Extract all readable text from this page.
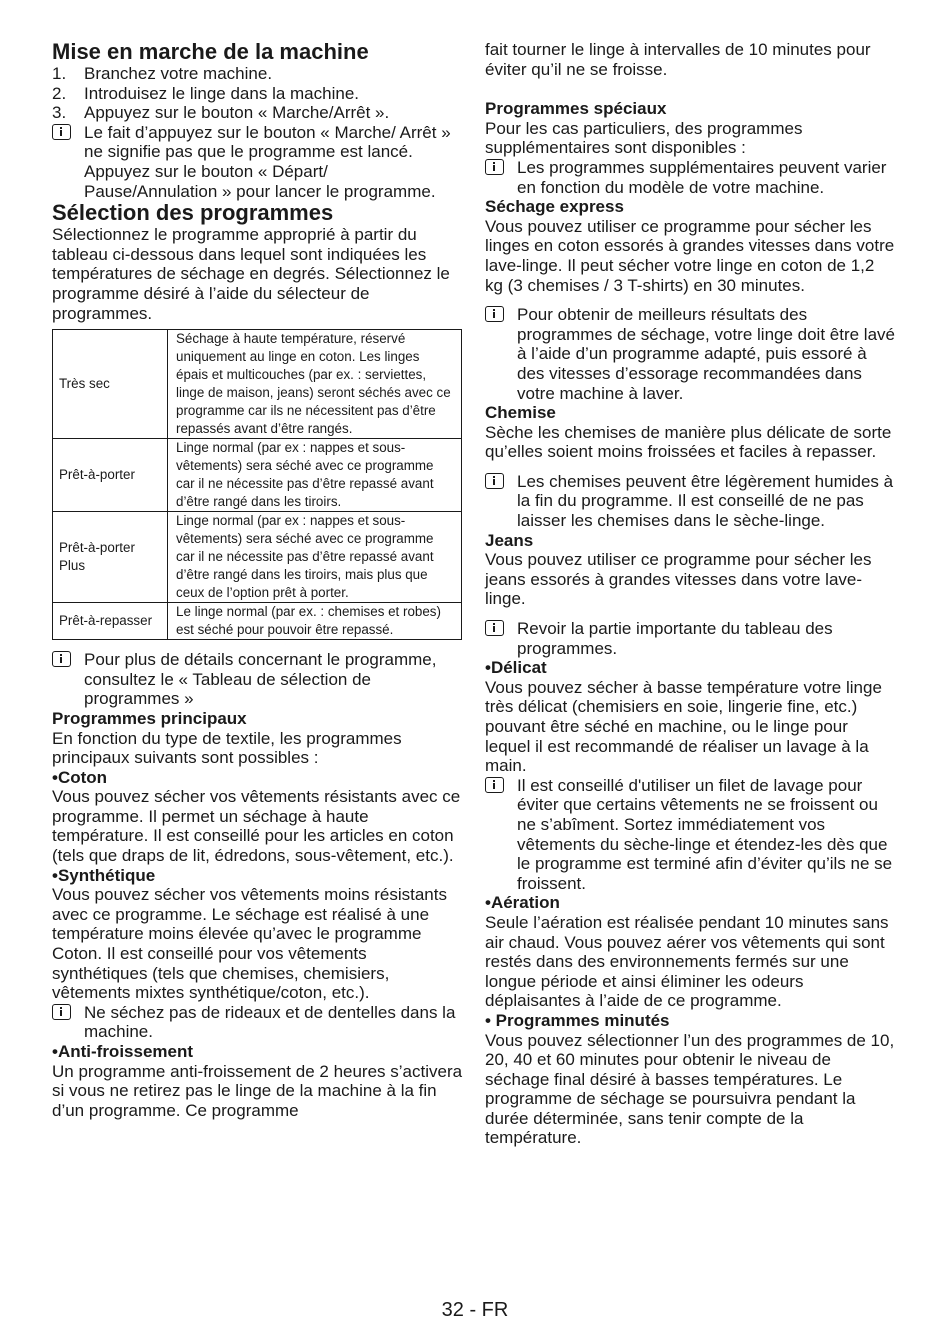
Mise en marche de la machine
1.	Branchez votre machine.
2.	Introduisez le linge dans la machine.
3.	Appuyez sur le bouton « Marche/Arrêt ».
Le fait d’appuyez sur le bouton « Marche/ Arrêt » ne signifie pas que le programme est lancé. Appuyez sur le bouton « Départ/ Pause/Annulation » pour lancer le programme.
Sélection des programmes

Sélectionnez le programme approprié à partir du tableau ci-dessous dans lequel sont indiquées les températures de séchage en degrés. Sélectionnez le programme désiré à l’aide du sélecteur de programmes.

Très sec	Séchage à haute température, réservé uniquement au linge en coton. Les linges épais et multicouches (par ex. : serviettes, linge de maison, jeans) seront séchés avec ce programme car ils ne nécessitent pas d’être repassés avant d’être rangés.
Prêt-à-porter	Linge normal (par ex : nappes et sous-vêtements) sera séché avec ce programme car il ne nécessite pas d’être repassé avant d’être rangé dans les tiroirs.
Prêt-à-porter Plus	Linge normal (par ex : nappes et sous-vêtements) sera séché avec ce programme car il ne nécessite pas d’être repassé avant d’être rangé dans les tiroirs, mais plus que ceux de l’option prêt à porter.
Prêt-à-repasser	Le linge normal (par ex. : chemises et robes) est séché pour pouvoir être repassé.
Pour plus de détails concernant le programme, consultez le « Tableau de sélection de programmes »
Programmes principaux

En fonction du type de textile, les programmes principaux suivants sont possibles :

•Coton

Vous pouvez sécher vos vêtements résistants avec ce programme. Il permet un séchage à haute température. Il est conseillé pour les articles en coton (tels que draps de lit, édredons, sous-vêtement, etc.).

•Synthétique

Vous pouvez sécher vos vêtements moins résistants avec ce programme. Le séchage est réalisé à une température moins élevée qu’avec le programme Coton. Il est conseillé pour vos vêtements synthétiques (tels que chemises, chemisiers, vêtements mixtes synthétique/coton, etc.).

Ne séchez pas de rideaux et de dentelles dans la machine.
•Anti-froissement

Un programme anti-froissement de 2 heures s’activera si vous ne retirez pas le linge de la machine à la fin d’un programme. Ce programme

fait tourner le linge à intervalles de 10 minutes pour éviter qu’il ne se froisse.

Programmes spéciaux

Pour les cas particuliers, des programmes supplémentaires sont disponibles :

Les programmes supplémentaires peuvent varier en fonction du modèle de votre machine.
Séchage express

Vous pouvez utiliser ce programme pour sécher les linges en coton essorés à grandes vitesses dans votre lave-linge. Il peut sécher votre linge en coton de 1,2 kg (3 chemises / 3 T-shirts) en 30 minutes.

Pour obtenir de meilleurs résultats des programmes de séchage, votre linge doit être lavé à l’aide d’un programme adapté, puis essoré à des vitesses d’essorage recommandées dans votre machine à laver.
Chemise

Sèche les chemises de manière plus délicate de sorte qu’elles soient moins froissées et faciles à repasser.

Les chemises peuvent être légèrement humides à la fin du programme. Il est conseillé de ne pas laisser les chemises dans le sèche-linge.
Jeans

Vous pouvez utiliser ce programme pour sécher les jeans essorés à grandes vitesses dans votre lave-linge.

Revoir la partie importante du tableau des programmes.
•Délicat

Vous pouvez sécher à basse température votre linge très délicat (chemisiers en soie, lingerie fine, etc.) pouvant être séché en machine, ou le linge pour lequel il est recommandé de réaliser un lavage à la main.

Il est conseillé d'utiliser un filet de lavage pour éviter que certains vêtements ne se froissent ou ne s’abîment. Sortez immédiatement vos vêtements du sèche-linge et étendez-les dès que le programme est terminé afin d’éviter qu’ils ne se froissent.
•Aération

Seule l’aération est réalisée pendant 10 minutes sans air chaud. Vous pouvez aérer vos vêtements qui sont restés dans des environnements fermés sur une longue période et ainsi éliminer les odeurs déplaisantes à l’aide de ce programme.

• Programmes minutés

Vous pouvez sélectionner l’un des programmes de 10, 20, 40 et 60 minutes pour obtenir le niveau de séchage final désiré à basses températures. Le programme de séchage se poursuivra pendant la durée déterminée, sans tenir compte de la température.

32 - FR
